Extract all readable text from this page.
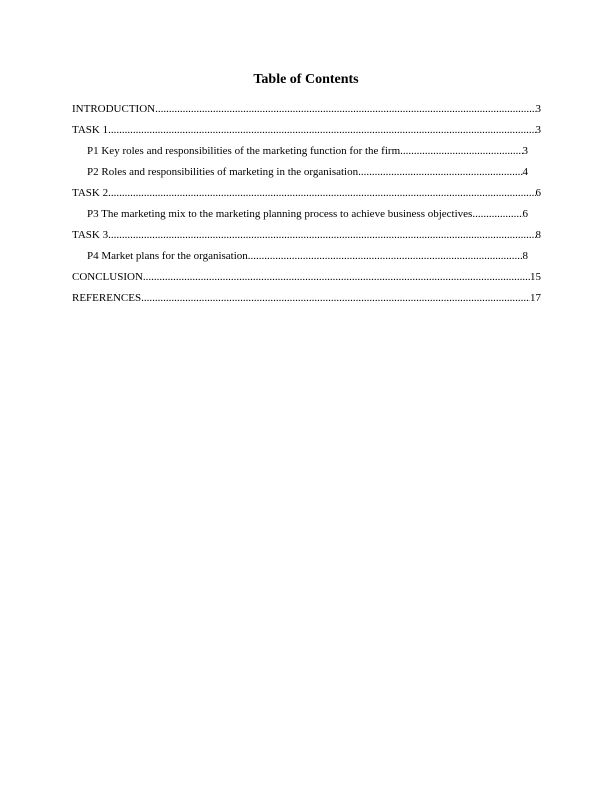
Table of Contents
INTRODUCTION .....	3
TASK 1 .....	3
P1 Key roles and responsibilities of the marketing function for the firm .....	3
P2 Roles and responsibilities of marketing in the organisation .....	4
TASK 2 .....	6
P3 The marketing mix to the marketing planning process to achieve business objectives. .....	6
TASK 3 .....	8
P4 Market plans for the organisation .....	8
CONCLUSION .....	15
REFERENCES .....	17
